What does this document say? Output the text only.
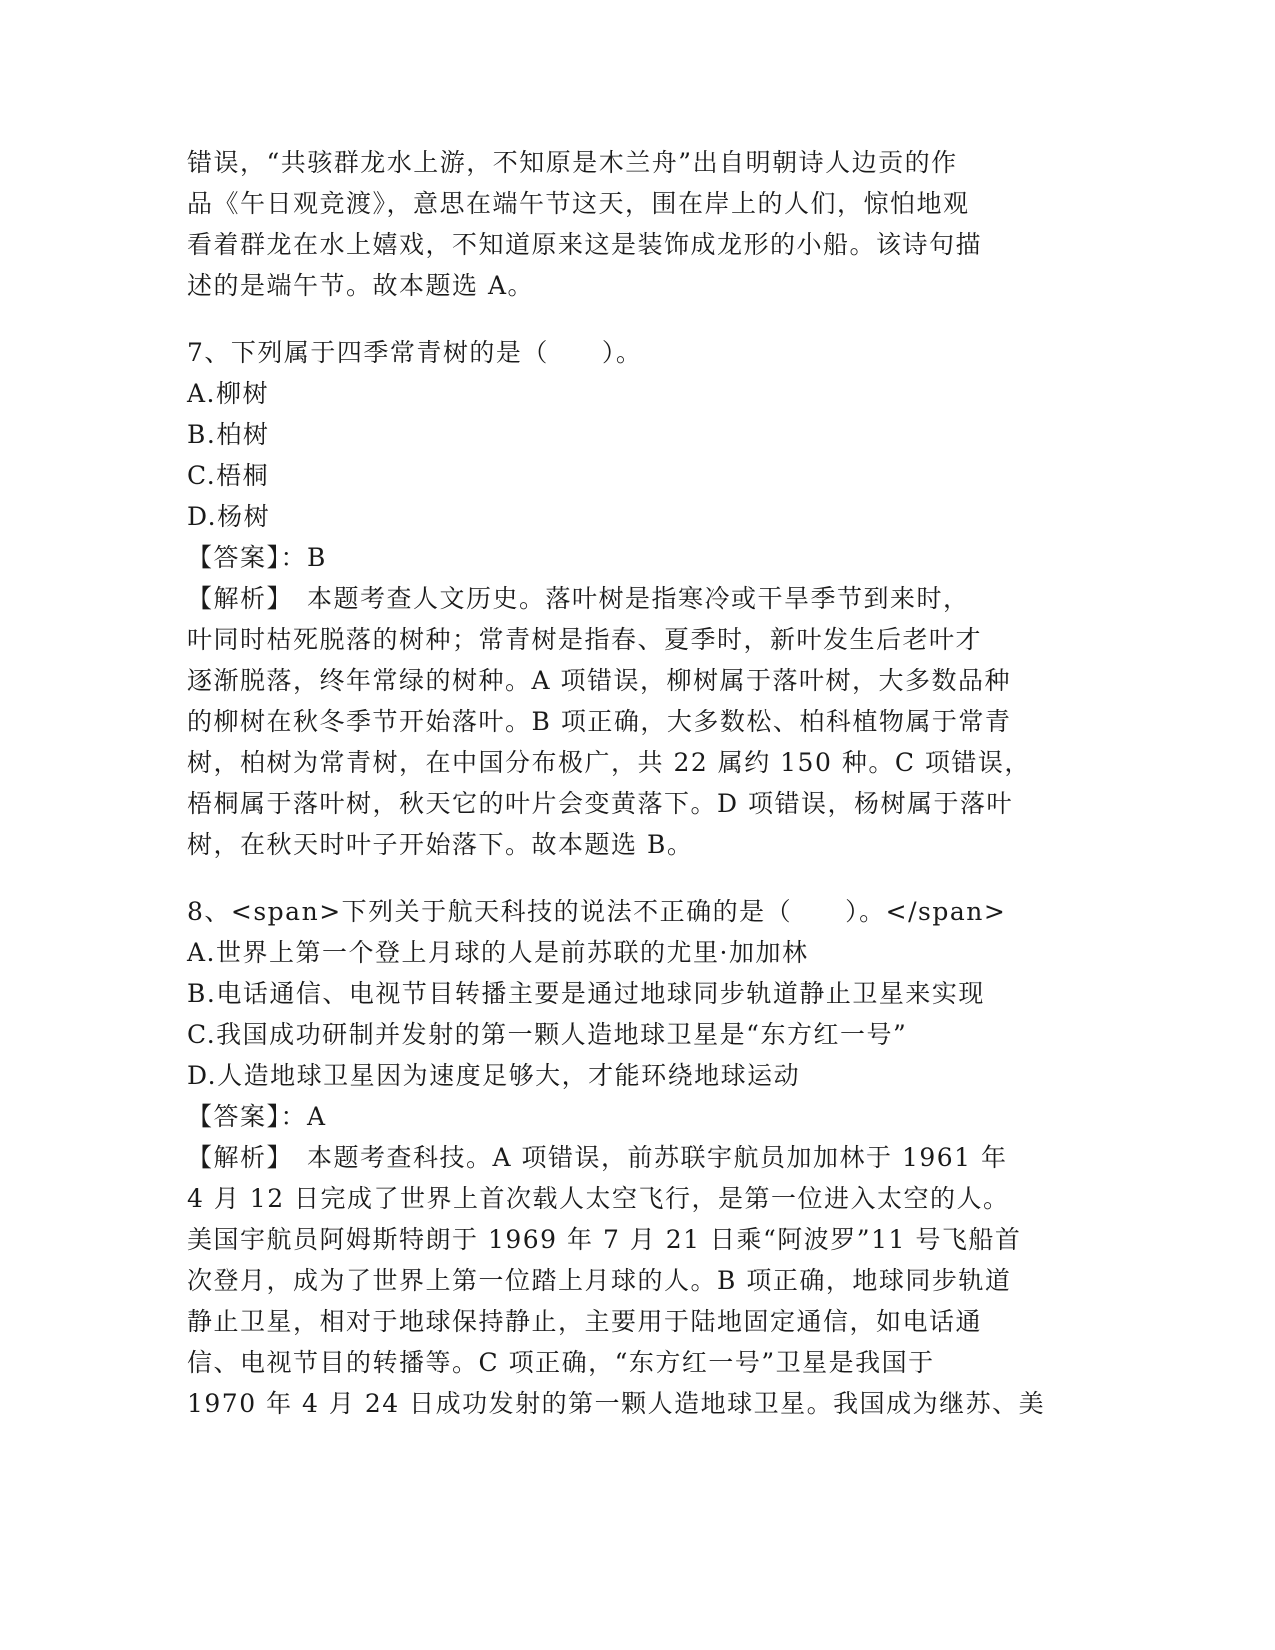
错误，“共骇群龙水上游，不知原是木兰舟”出自明朝诗人边贡的作
品《午日观竞渡》，意思在端午节这天，围在岸上的人们，惊怕地观
看着群龙在水上嬉戏，不知道原来这是装饰成龙形的小船。该诗句描
述的是端午节。故本题选 A。
7、下列属于四季常青树的是（　　）。
A.柳树
B.柏树
C.梧桐
D.杨树
【答案】：B
【解析】　本题考查人文历史。落叶树是指寒冷或干旱季节到来时，
叶同时枯死脱落的树种；常青树是指春、夏季时，新叶发生后老叶才
逐渐脱落，终年常绿的树种。A 项错误，柳树属于落叶树，大多数品种
的柳树在秋冬季节开始落叶。B 项正确，大多数松、柏科植物属于常青
树，柏树为常青树，在中国分布极广，共 22 属约 150 种。C 项错误，
梧桐属于落叶树，秋天它的叶片会变黄落下。D 项错误，杨树属于落叶
树，在秋天时叶子开始落下。故本题选 B。
8、<span>下列关于航天科技的说法不正确的是（　　）。</span>
A.世界上第一个登上月球的人是前苏联的尤里·加加林
B.电话通信、电视节目转播主要是通过地球同步轨道静止卫星来实现
C.我国成功研制并发射的第一颗人造地球卫星是“东方红一号”
D.人造地球卫星因为速度足够大，才能环绕地球运动
【答案】：A
【解析】　本题考查科技。A 项错误，前苏联宇航员加加林于 1961 年
4 月 12 日完成了世界上首次载人太空飞行，是第一位进入太空的人。
美国宇航员阿姆斯特朗于 1969 年 7 月 21 日乘“阿波罗”11 号飞船首
次登月，成为了世界上第一位踏上月球的人。B 项正确，地球同步轨道
静止卫星，相对于地球保持静止，主要用于陆地固定通信，如电话通
信、电视节目的转播等。C 项正确，“东方红一号”卫星是我国于
1970 年 4 月 24 日成功发射的第一颗人造地球卫星。我国成为继苏、美
